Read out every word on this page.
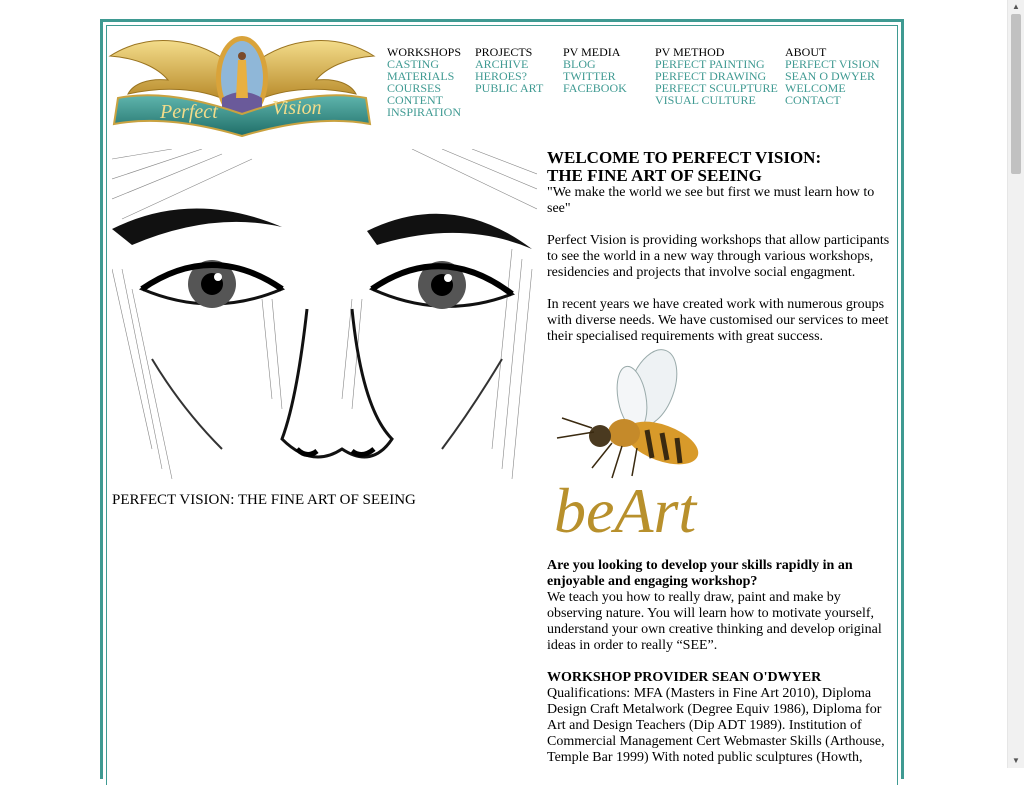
Perfect	Vision
WORKSHOPS
CASTING
MATERIALS
COURSES
CONTENT
INSPIRATION
PROJECTS
ARCHIVE
HEROES?
PUBLIC ART
PV MEDIA
BLOG
TWITTER
FACEBOOK
PV METHOD
PERFECT PAINTING
PERFECT DRAWING
PERFECT SCULPTURE
VISUAL CULTURE
ABOUT
PERFECT VISION
SEAN O DWYER
WELCOME
CONTACT
PERFECT VISION: THE FINE ART OF SEEING
WELCOME TO PERFECT VISION:
THE FINE ART OF SEEING
"We make the world we see but first we must learn how to see"
Perfect Vision is providing workshops that allow participants to see the world in a new way through various workshops, residencies and projects that involve social engagment.
In recent years we have created work with numerous groups with diverse needs. We have customised our services to meet their specialised requirements with great success.
beArt
Are you looking to develop your skills rapidly in an enjoyable and engaging workshop?
We teach you how to really draw, paint and make by observing nature. You will learn how to motivate yourself, understand your own creative thinking and develop original ideas in order to really “SEE”.
WORKSHOP PROVIDER SEAN O'DWYER
Qualifications: MFA (Masters in Fine Art 2010), Diploma Design Craft Metalwork (Degree Equiv 1986), Diploma for Art and Design Teachers (Dip ADT 1989). Institution of Commercial Management Cert Webmaster Skills (Arthouse, Temple Bar 1999) With noted public sculptures (Howth,
▲
▼
